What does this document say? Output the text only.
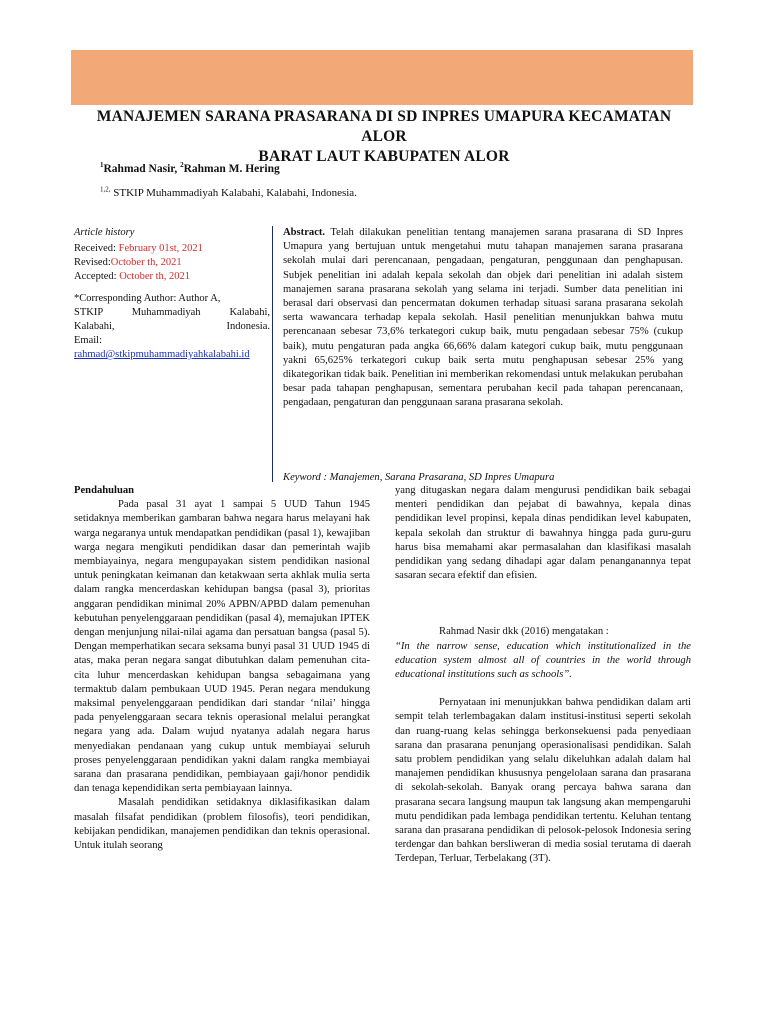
MANAJEMEN SARANA PRASARANA DI SD INPRES UMAPURA KECAMATAN ALOR
BARAT LAUT KABUPATEN ALOR
$^1$Rahmad Nasir, $^2$Rahman M. Hering
$^{1,2,}$ STKIP Muhammadiyah Kalabahi, Kalabahi, Indonesia.
Article history
Received: February 01st, 2021
Revised:October th, 2021
Accepted: October th, 2021
*Corresponding Author: Author A,
STKIP Muhammadiyah Kalabahi,
Kalabahi, Indonesia.
Email:
rahmad@stkipmuhammadiyahkalabahi.id
Abstract. Telah dilakukan penelitian tentang manajemen sarana prasarana di SD Inpres Umapura yang bertujuan untuk mengetahui mutu tahapan manajemen sarana prasarana sekolah mulai dari perencanaan, pengadaan, pengaturan, penggunaan dan penghapusan. Subjek penelitian ini adalah kepala sekolah dan objek dari penelitian ini adalah sistem manajemen sarana prasarana sekolah yang selama ini terjadi. Sumber data penelitian ini berasal dari observasi dan pencermatan dokumen terhadap situasi sarana prasarana sekolah serta wawancara terhadap kepala sekolah. Hasil penelitian menunjukkan bahwa mutu perencanaan sebesar 73,6% terkategori cukup baik, mutu pengadaan sebesar 75% (cukup baik), mutu pengaturan pada angka 66,66% dalam kategori cukup baik, mutu penggunaan yakni 65,625% terkategori cukup baik serta mutu penghapusan sebesar 25% yang dikategorikan tidak baik. Penelitian ini memberikan rekomendasi untuk melakukan perubahan besar pada tahapan penghapusan, sementara perubahan kecil pada tahapan perencanaan, pengadaan, pengaturan dan penggunaan sarana prasarana sekolah.
Keyword : Manajemen, Sarana Prasarana, SD Inpres Umapura
Pendahuluan

Pada pasal 31 ayat 1 sampai 5 UUD Tahun 1945 setidaknya memberikan gambaran bahwa negara harus melayani hak warga negaranya untuk mendapatkan pendidikan (pasal 1), kewajiban warga negara mengikuti pendidikan dasar dan pemerintah wajib membiayainya, negara mengupayakan sistem pendidikan nasional untuk peningkatan keimanan dan ketakwaan serta akhlak mulia serta dalam rangka mencerdaskan kehidupan bangsa (pasal 3), prioritas anggaran pendidikan minimal 20% APBN/APBD dalam pemenuhan kebutuhan penyelenggaraan pendidikan (pasal 4), memajukan IPTEK dengan menjunjung nilai-nilai agama dan persatuan bangsa (pasal 5). Dengan memperhatikan secara seksama bunyi pasal 31 UUD 1945 di atas, maka peran negara sangat dibutuhkan dalam pemenuhan cita-cita luhur mencerdaskan kehidupan bangsa sebagaimana yang termaktub dalam pembukaan UUD 1945. Peran negara mendukung maksimal penyelenggaraan pendidikan dari standar ‘nilai’ hingga pada penyelenggaraan secara teknis operasional melalui perangkat negara yang ada. Dalam wujud nyatanya adalah negara harus menyediakan pendanaan yang cukup untuk membiayai seluruh proses penyelenggaraan pendidikan yakni dalam rangka membiayai sarana dan prasarana pendidikan, pembiayaan gaji/honor pendidik dan tenaga kependidikan serta pembiayaan lainnya.

Masalah pendidikan setidaknya diklasifikasikan dalam masalah filsafat pendidikan (problem filosofis), teori pendidikan, kebijakan pendidikan, manajemen pendidikan dan teknis operasional. Untuk itulah seorang

yang ditugaskan negara dalam mengurusi pendidikan baik sebagai menteri pendidikan dan pejabat di bawahnya, kepala dinas pendidikan level propinsi, kepala dinas pendidikan level kabupaten, kepala sekolah dan struktur di bawahnya hingga pada guru-guru harus bisa memahami akar permasalahan dan klasifikasi masalah pendidikan yang sedang dihadapi agar dalam penanganannya tepat sasaran secara efektif dan efisien.

Rahmad Nasir dkk (2016) mengatakan :

“In the narrow sense, education which institutionalized in the education system almost all of countries in the world through educational institutions such as schools”.

Pernyataan ini menunjukkan bahwa pendidikan dalam arti sempit telah terlembagakan dalam institusi-institusi seperti sekolah dan ruang-ruang kelas sehingga berkonsekuensi pada penyediaan sarana dan prasarana penunjang operasionalisasi pendidikan. Salah satu problem pendidikan yang selalu dikeluhkan adalah dalam hal manajemen pendidikan khususnya pengelolaan sarana dan prasarana di sekolah-sekolah. Banyak orang percaya bahwa sarana dan prasarana secara langsung maupun tak langsung akan mempengaruhi mutu pendidikan pada lembaga pendidikan tertentu. Keluhan tentang sarana dan prasarana pendidikan di pelosok-pelosok Indonesia sering terdengar dan bahkan bersliweran di media sosial terutama di daerah Terdepan, Terluar, Terbelakang (3T).
